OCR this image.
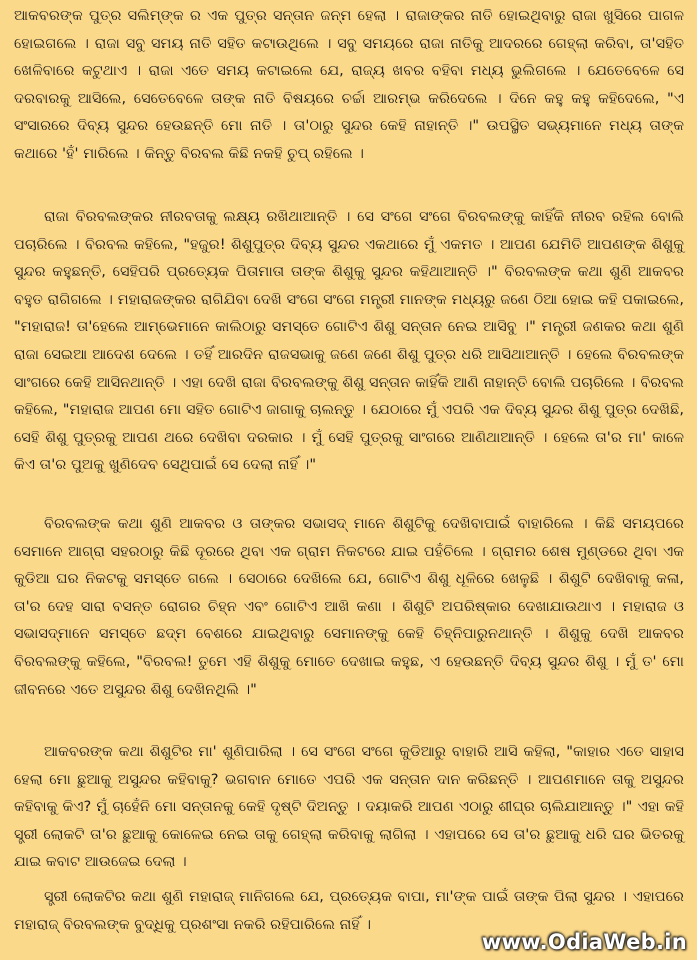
ଆକବରଙ୍କ ପୁତ୍ର ସଲିମ୍ଙ୍କ ର ଏକ ପୁତ୍ର ସନ୍ତାନ ଜନ୍ମ ହେଲା । ରାଜାଙ୍କର ନାତି ହୋଇଥିବାରୁ ରାଜା ଖୁସିରେ ପାଗଳ ହୋଇଗଲେ । ରାଜା ସବୁ ସମୟ ନାତି ସହିତ କଟାଉଥିଲେ । ସବୁ ସମୟରେ ରାଜା ନାତିକୁ ଆଦରରେ ଗେହ୍ଲା କରିବା, ତା'ସହିତ ଖେଳିବାରେ କଟୁଥାଏ । ରାଜା ଏତେ ସମୟ କଟାଇଲେ ଯେ, ରାଜ୍ୟ ଖବର ବହିବା ମଧ୍ୟ ଭୁଲିଗଲେ । ଯେତେବେଳେ ସେ ଦରବାରକୁ ଆସିଲେ, ସେତେବେଳେ ତାଙ୍କ ନାତି ବିଷୟରେ ଚର୍ଚ୍ଚା ଆରମ୍ଭ କରିଦେଲେ । ଦିନେ କହୁ କହୁ କହିଦେଲେ, "ଏ ସଂସାରରେ ଦିବ୍ୟ ସୁନ୍ଦର ହେଉଛନ୍ତି ମୋ ନାତି । ତା'ଠାରୁ ସୁନ୍ଦର କେହି ନାହାନ୍ତି ।" ଉପସ୍ଥିତ ସଭ୍ୟମାନେ ମଧ୍ୟ ତାଙ୍କ କଥାରେ 'ହଁ' ମାରିଲେ । କିନ୍ତୁ ବିରବଲ କିଛି ନକହି ଚୁପ୍ ରହିଲେ ।

ରାଜା ବିରବଲଙ୍କର ନୀରବତାକୁ ଲକ୍ଷ୍ୟ ରଖିଥାଆନ୍ତି । ସେ ସଂଗେ ସଂଗେ ବିରବଲଙ୍କୁ କାହିଁକି ନୀରବ ରହିଲ ବୋଲି ପଚାରିଲେ । ବିରବଲ କହିଲେ, "ହଜୁର! ଶିଶୁପୁତ୍ର ଦିବ୍ୟ ସୁନ୍ଦର ଏକଥାରେ ମୁଁ ଏକମତ । ଆପଣ ଯେମିତି ଆପଣଙ୍କ ଶିଶୁକୁ ସୁନ୍ଦର କହୁଛନ୍ତି, ସେହିପରି ପ୍ରତ୍ୟେକ ପିତାମାତା ତାଙ୍କ ଶିଶୁକୁ ସୁନ୍ଦର କହିଥାଆନ୍ତି ।" ବିରବଲଙ୍କ କଥା ଶୁଣି ଆକବର ବହୁତ ରାଗିଗଲେ । ମହାରାଜଙ୍କର ରାଗିଯିବା ଦେଖି ସଂଗେ ସଂଗେ ମନ୍ତ୍ରୀ ମାନଙ୍କ ମଧ୍ୟରୁ ଜଣେ ଠିଆ ହୋଇ କହି ପକାଇଲେ, "ମହାରାଜ! ତା'ହେଲେ ଆମ୍ଭେମାନେ କାଲିଠାରୁ ସମସ୍ତେ ଗୋଟିଏ ଶିଶୁ ସନ୍ତାନ ନେଇ ଆସିବୁ ।" ମନ୍ତ୍ରୀ ଜଣକର କଥା ଶୁଣି ରାଜା ସେଇଆ ଆଦେଶ ଦେଲେ । ତହିଁ ଆରଦିନ ରାଜସଭାକୁ ଜଣେ ଜଣେ ଶିଶୁ ପୁତ୍ର ଧରି ଆସିଥାଆନ୍ତି । ହେଲେ ବିରବଲଙ୍କ ସାଂଗରେ କେହି ଆସିନଥାନ୍ତି । ଏହା ଦେଖି ରାଜା ବିରବଲଙ୍କୁ ଶିଶୁ ସନ୍ତାନ କାହିଁକି ଆଣି ନାହାନ୍ତି ବୋଲି ପଚାରିଲେ । ବିରବଲ କହିଲେ, "ମହାରାଜ ଆପଣ ମୋ ସହିତ ଗୋଟିଏ ଜାଗାକୁ ଚାଲନ୍ତୁ । ଯେଠାରେ ମୁଁ ଏପରି ଏକ ଦିବ୍ୟ ସୁନ୍ଦର ଶିଶୁ ପୁତ୍ର ଦେଖିଛି, ସେହି ଶିଶୁ ପୁତ୍ରକୁ ଆପଣ ଥରେ ଦେଖିବା ଦରକାର । ମୁଁ ସେହି ପୁତ୍ରକୁ ସାଂଗରେ ଆଣିଥାଆନ୍ତି । ହେଲେ ତା'ର ମା' କାଳେ କିଏ ତା'ର ପୁଅକୁ ଖୁଣିଦେବ ସେଥିପାଇଁ ସେ ଦେଲା ନାହିଁ ।"

ବିରବଲଙ୍କ କଥା ଶୁଣି ଆକବର ଓ ତାଙ୍କର ସଭାସଦ୍ ମାନେ ଶିଶୁଟିକୁ ଦେଖିବାପାଇଁ ବାହାରିଲେ । କିଛି ସମୟପରେ ସେମାନେ ଆଗ୍ରା ସହରଠାରୁ କିଛି ଦୂରରେ ଥିବା ଏକ ଗ୍ରାମ ନିକଟରେ ଯାଇ ପହଁଚିଲେ । ଗ୍ରାମର ଶେଷ ମୁଣ୍ଡରେ ଥିବା ଏକ କୁଡିଆ ଘର ନିକଟକୁ ସମସ୍ତେ ଗଲେ । ସେଠାରେ ଦେଖିଲେ ଯେ, ଗୋଟିଏ ଶିଶୁ ଧୂଳିରେ ଖେଳୁଛି । ଶିଶୁଟି ଦେଖିବାକୁ କଳା, ତା'ର ଦେହ ସାରା ବସନ୍ତ ରୋଗର ଚିହ୍ନ ଏବଂ ଗୋଟିଏ ଆଖି କଣା । ଶିଶୁଟି ଅପରିଷ୍କାର ଦେଖାଯାଉଥାଏ । ମହାରାଜ ଓ ସଭାସଦ୍ମାନେ ସମସ୍ତେ ଛଦ୍ମ ବେଶରେ ଯାଇଥିବାରୁ ସେମାନଙ୍କୁ କେହି ଚିହ୍ନିପାରୁନଥାନ୍ତି । ଶିଶୁକୁ ଦେଖି ଆକବର ବିରବଲଙ୍କୁ କହିଲେ, "ବିରବଲ! ତୁମେ ଏହି ଶିଶୁକୁ ମୋତେ ଦେଖାଇ କହୁଛ, ଏ ହେଉଛନ୍ତି ଦିବ୍ୟ ସୁନ୍ଦର ଶିଶୁ । ମୁଁ ତ' ମୋ ଜୀବନରେ ଏତେ ଅସୁନ୍ଦର ଶିଶୁ ଦେଖିନଥିଲି ।"

ଆକବରଙ୍କ କଥା ଶିଶୁଟିର ମା' ଶୁଣିପାରିଲା । ସେ ସଂଗେ ସଂଗେ କୁଡିଆରୁ ବାହାରି ଆସି କହିଲା, "କାହାର ଏତେ ସାହାସ ହେଲା ମୋ ଛୁଆକୁ ଅସୁନ୍ଦର କହିବାକୁ? ଭଗବାନ ମୋତେ ଏପରି ଏକ ସନ୍ତାନ ଦାନ କରିଛନ୍ତି । ଆପଣମାନେ ତାକୁ ଅସୁନ୍ଦର କହିବାକୁ କିଏ? ମୁଁ ଚାହେଁନି ମୋ ସନ୍ତାନକୁ କେହି ଦୃଷ୍ଟି ଦିଅନ୍ତୁ । ଦୟାକରି ଆପଣ ଏଠାରୁ ଶୀଘ୍ର ଚାଲିଯାଆନ୍ତୁ ।" ଏହା କହି ସ୍ତ୍ରୀ ଲୋକଟି ତା'ର ଛୁଆକୁ କୋଳେଇ ନେଇ ତାକୁ ଗେହ୍ଲା କରିବାକୁ ଲାଗିଲା । ଏହାପରେ ସେ ତା'ର ଛୁଆକୁ ଧରି ଘର ଭିତରକୁ ଯାଇ କବାଟ ଆଉଜେଇ ଦେଲା ।

ସ୍ତ୍ରୀ ଲୋକଟିର କଥା ଶୁଣି ମହାରାଜ୍ ମାନିଗଲେ ଯେ, ପ୍ରତ୍ୟେକ ବାପା, ମା'ଙ୍କ ପାଇଁ ତାଙ୍କ ପିଲା ସୁନ୍ଦର । ଏହାପରେ ମହାରାଜ୍ ବିରବଲଙ୍କ ବୁଦ୍ଧିକୁ ପ୍ରଶଂସା ନକରି ରହିପାରିଲେ ନାହିଁ ।

www.OdiaWeb.in
